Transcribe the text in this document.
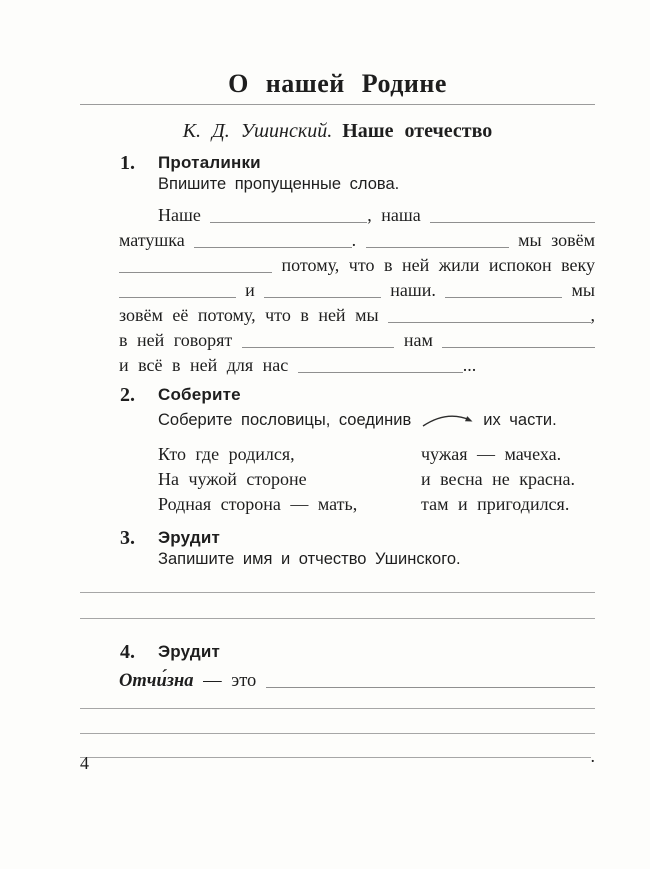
О нашей Родине

К. Д. Ушинский. Наше отечество

1.	Проталинки
Впишите пропущенные слова.
Наше	, наша
матушка	.	мы зовём
потому, что в ней жили испокон веку
и	наши.	мы
зовём её потому, что в ней мы	,
в ней говорят	нам
и всё в ней для нас	...
2.	Соберите
Соберите пословицы, соединив	их части.
Кто где родился,	чужая — мачеха.
На чужой стороне	и весна не красна.
Родная сторона — мать,	там и пригодился.
3.	Эрудит
Запишите имя и отчество Ушинского.
4.	Эрудит
Отчи́зна — это
.
4
